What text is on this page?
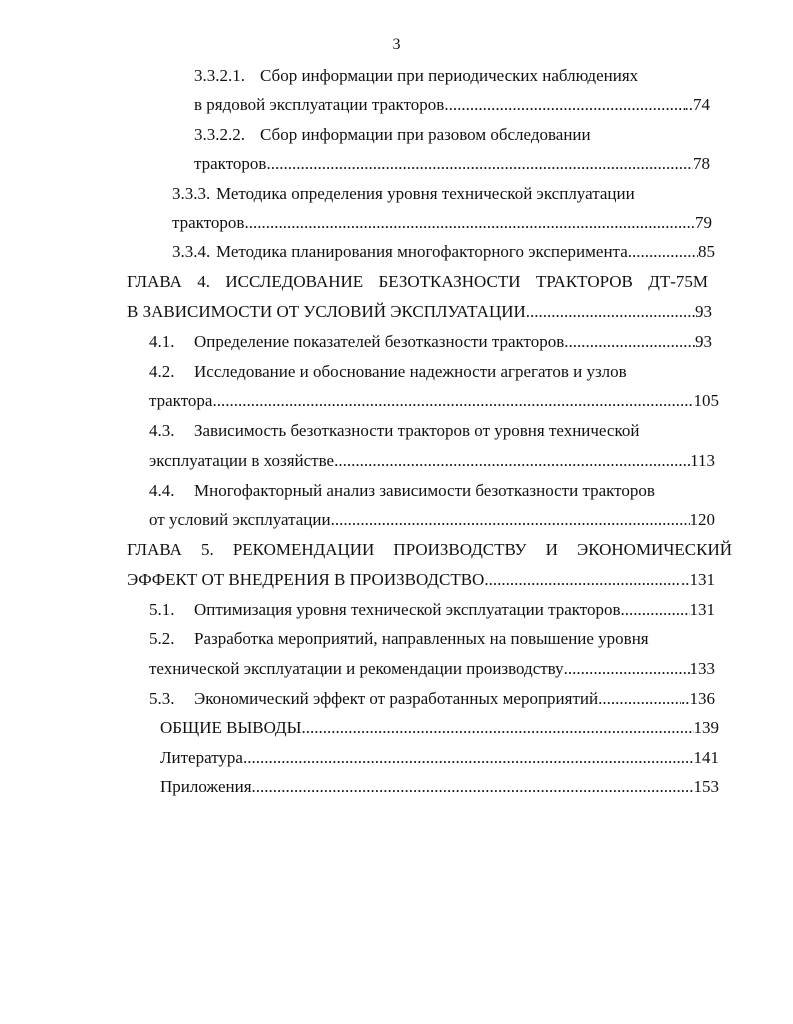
3
3.3.2.1. Сбор информации при периодических наблюдениях
в рядовой эксплуатации тракторов .....	..74
3.3.2.2. Сбор информации при разовом обследовании
тракторов .....	78
3.3.3. Методика определения уровня технической эксплуатации
тракторов .....	..79
3.3.4. Методика планирования многофакторного эксперимента .....	85
ГЛАВА 4. ИССЛЕДОВАНИЕ БЕЗОТКАЗНОСТИ ТРАКТОРОВ ДТ-75М
В ЗАВИСИМОСТИ ОТ УСЛОВИЙ ЭКСПЛУАТАЦИИ .....	93
4.1. Определение показателей безотказности тракторов .....	93
4.2. Исследование и обоснование надежности агрегатов и узлов
трактора .....	105
4.3. Зависимость безотказности тракторов от уровня технической
эксплуатации в хозяйстве .....	113
4.4. Многофакторный анализ зависимости безотказности тракторов
от условий эксплуатации .....	120
ГЛАВА 5. РЕКОМЕНДАЦИИ ПРОИЗВОДСТВУ И ЭКОНОМИЧЕСКИЙ
ЭФФЕКТ ОТ ВНЕДРЕНИЯ В ПРОИЗВОДСТВО .....	..131
5.1. Оптимизация уровня технической эксплуатации тракторов .....	131
5.2. Разработка мероприятий, направленных на повышение уровня
технической эксплуатации и рекомендации производству .....	133
5.3. Экономический эффект от разработанных мероприятий .....	..136
ОБЩИЕ ВЫВОДЫ .....	139
Литература .....	..141
Приложения .....	153
